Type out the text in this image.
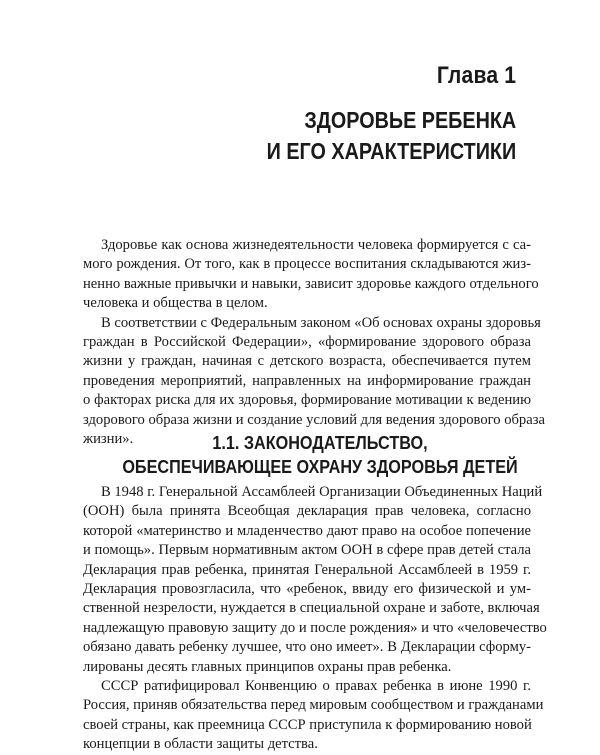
Глава 1
ЗДОРОВЬЕ РЕБЕНКА
И ЕГО ХАРАКТЕРИСТИКИ
Здоровье как основа жизнедеятельности человека формируется с са-
мого рождения. От того, как в процессе воспитания складываются жиз-
ненно важные привычки и навыки, зависит здоровье каждого отдельного
человека и общества в целом.
В соответствии с Федеральным законом «Об основах охраны здоровья
граждан в Российской Федерации», «формирование здорового образа
жизни у граждан, начиная с детского возраста, обеспечивается путем
проведения мероприятий, направленных на информирование граждан
о факторах риска для их здоровья, формирование мотивации к ведению
здорового образа жизни и создание условий для ведения здорового образа
жизни».	1.1. ЗАКОНОДАТЕЛЬСТВО,
ОБЕСПЕЧИВАЮЩЕЕ ОХРАНУ ЗДОРОВЬЯ ДЕТЕЙ
В 1948 г. Генеральной Ассамблеей Организации Объединенных Наций
(ООН) была принята Всеобщая декларация прав человека, согласно
которой «материнство и младенчество дают право на особое попечение
и помощь». Первым нормативным актом ООН в сфере прав детей стала
Декларация прав ребенка, принятая Генеральной Ассамблеей в 1959 г.
Декларация провозгласила, что «ребенок, ввиду его физической и ум-
ственной незрелости, нуждается в специальной охране и заботе, включая
надлежащую правовую защиту до и после рождения» и что «человечество
обязано давать ребенку лучшее, что оно имеет». В Декларации сформу-
лированы десять главных принципов охраны прав ребенка.
СССР ратифицировал Конвенцию о правах ребенка в июне 1990 г.
Россия, приняв обязательства перед мировым сообществом и гражданами
своей страны, как преемница СССР приступила к формированию новой
концепции в области защиты детства.
